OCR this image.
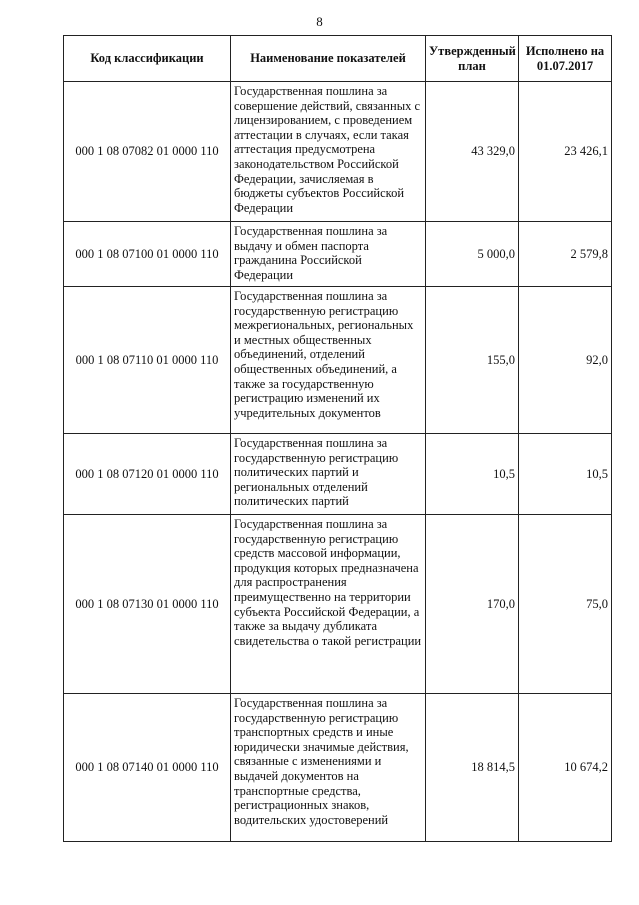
8
Код классификации	Наименование показателей	Утвержденный план	Исполнено на 01.07.2017
000 1 08 07082 01 0000 110	Государственная пошлина за совершение действий, связанных с лицензированием, с проведением аттестации в случаях, если такая аттестация предусмотрена законодательством Российской Федерации, зачисляемая в бюджеты субъектов Российской Федерации	43 329,0	23 426,1
000 1 08 07100 01 0000 110	Государственная пошлина за выдачу и обмен паспорта гражданина Российской Федерации	5 000,0	2 579,8
000 1 08 07110 01 0000 110	Государственная пошлина за государственную регистрацию межрегиональных, региональных и местных общественных объединений, отделений общественных объединений, а также за государственную регистрацию изменений их учредительных документов	155,0	92,0
000 1 08 07120 01 0000 110	Государственная пошлина за государственную регистрацию политических партий и региональных отделений политических партий	10,5	10,5
000 1 08 07130 01 0000 110	Государственная пошлина за государственную регистрацию средств массовой информации, продукция которых предназначена для распространения преимущественно на территории субъекта Российской Федерации, а также за выдачу дубликата свидетельства о такой регистрации	170,0	75,0
000 1 08 07140 01 0000 110	Государственная пошлина за государственную регистрацию транспортных средств и иные юридически значимые действия, связанные с изменениями и выдачей документов на транспортные средства, регистрационных знаков, водительских удостоверений	18 814,5	10 674,2
